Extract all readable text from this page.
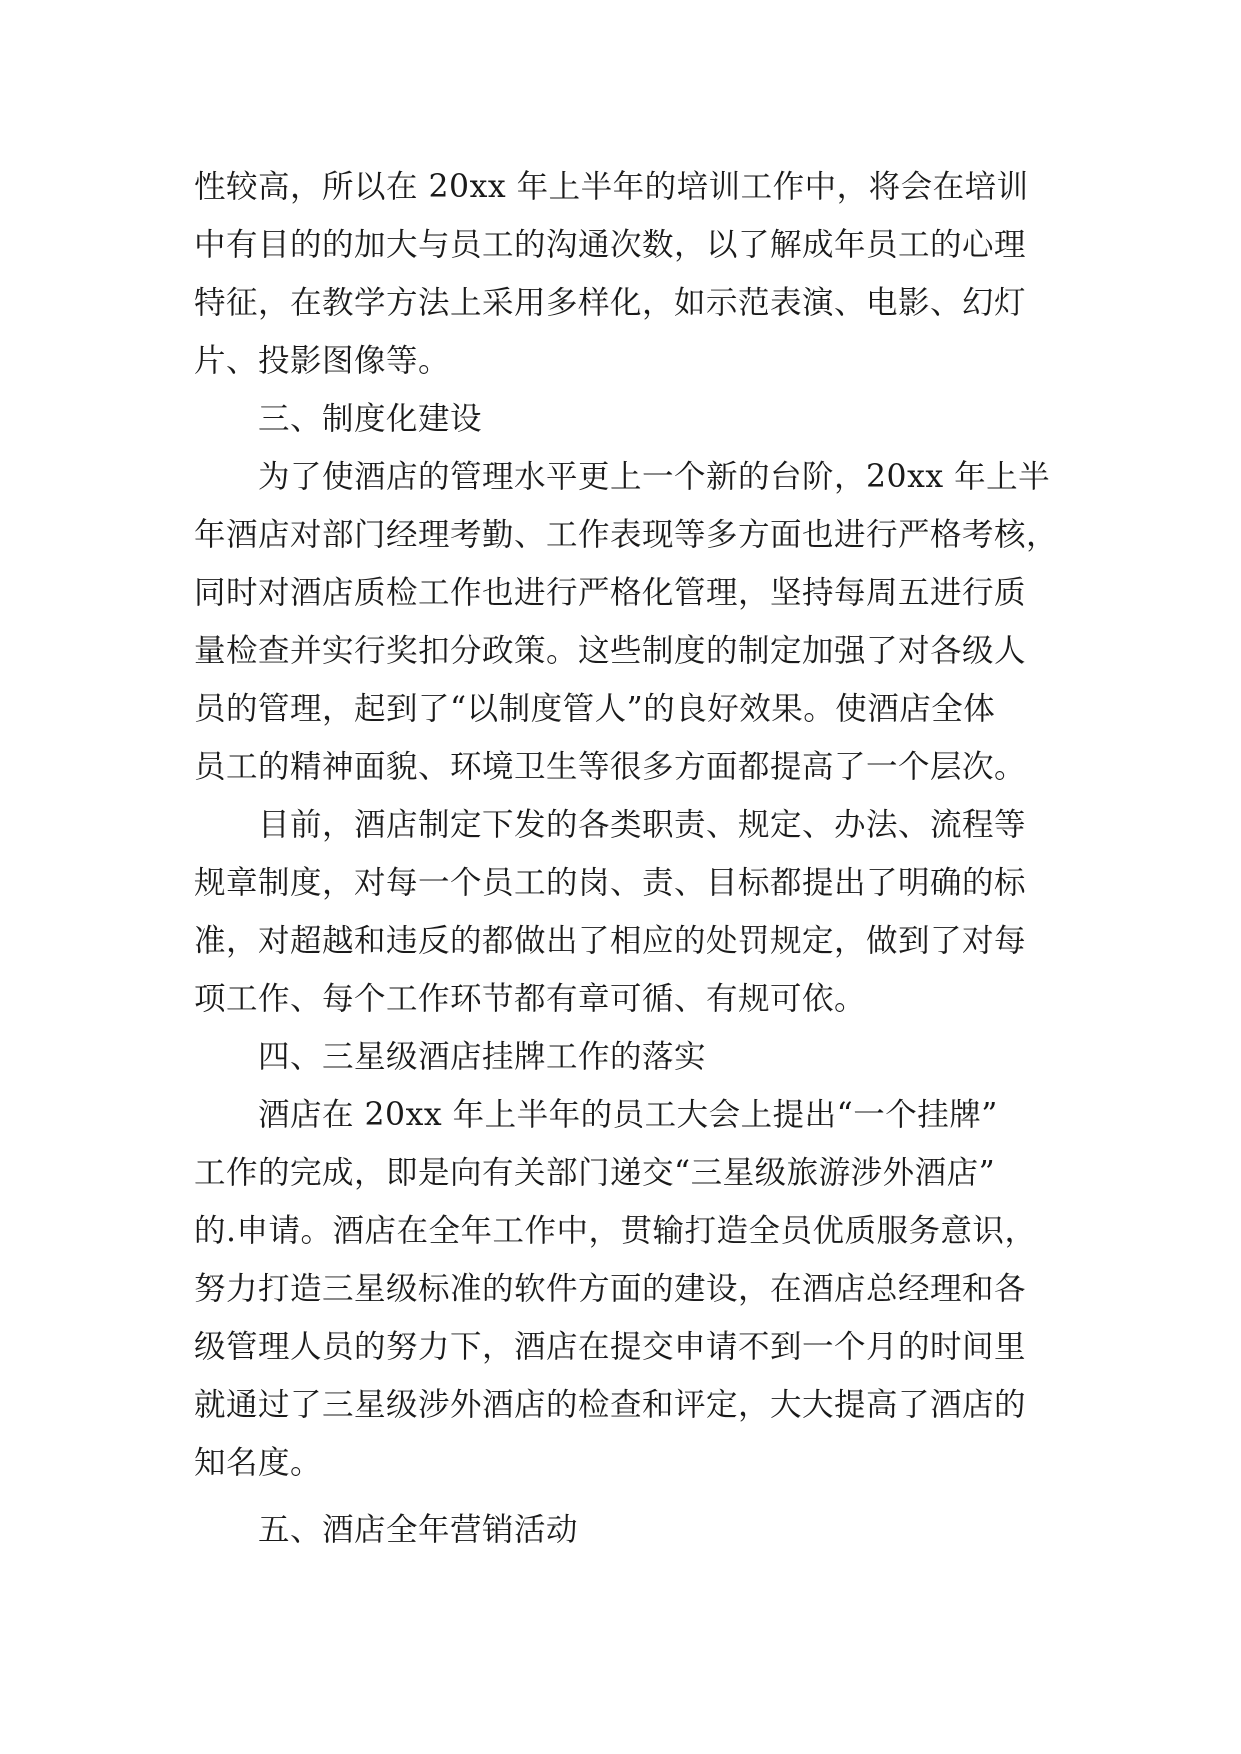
性较高，所以在 20xx 年上半年的培训工作中，将会在培训
中有目的的加大与员工的沟通次数，以了解成年员工的心理
特征，在教学方法上采用多样化，如示范表演、电影、幻灯
片、投影图像等。
三、制度化建设
为了使酒店的管理水平更上一个新的台阶，20xx 年上半
年酒店对部门经理考勤、工作表现等多方面也进行严格考核，
同时对酒店质检工作也进行严格化管理，坚持每周五进行质
量检查并实行奖扣分政策。这些制度的制定加强了对各级人
员的管理，起到了“以制度管人”的良好效果。使酒店全体
员工的精神面貌、环境卫生等很多方面都提高了一个层次。
目前，酒店制定下发的各类职责、规定、办法、流程等
规章制度，对每一个员工的岗、责、目标都提出了明确的标
准，对超越和违反的都做出了相应的处罚规定，做到了对每
项工作、每个工作环节都有章可循、有规可依。
四、三星级酒店挂牌工作的落实
酒店在 20xx 年上半年的员工大会上提出“一个挂牌”
工作的完成，即是向有关部门递交“三星级旅游涉外酒店”
的.申请。酒店在全年工作中，贯输打造全员优质服务意识，
努力打造三星级标准的软件方面的建设，在酒店总经理和各
级管理人员的努力下，酒店在提交申请不到一个月的时间里
就通过了三星级涉外酒店的检查和评定，大大提高了酒店的
知名度。
五、酒店全年营销活动
